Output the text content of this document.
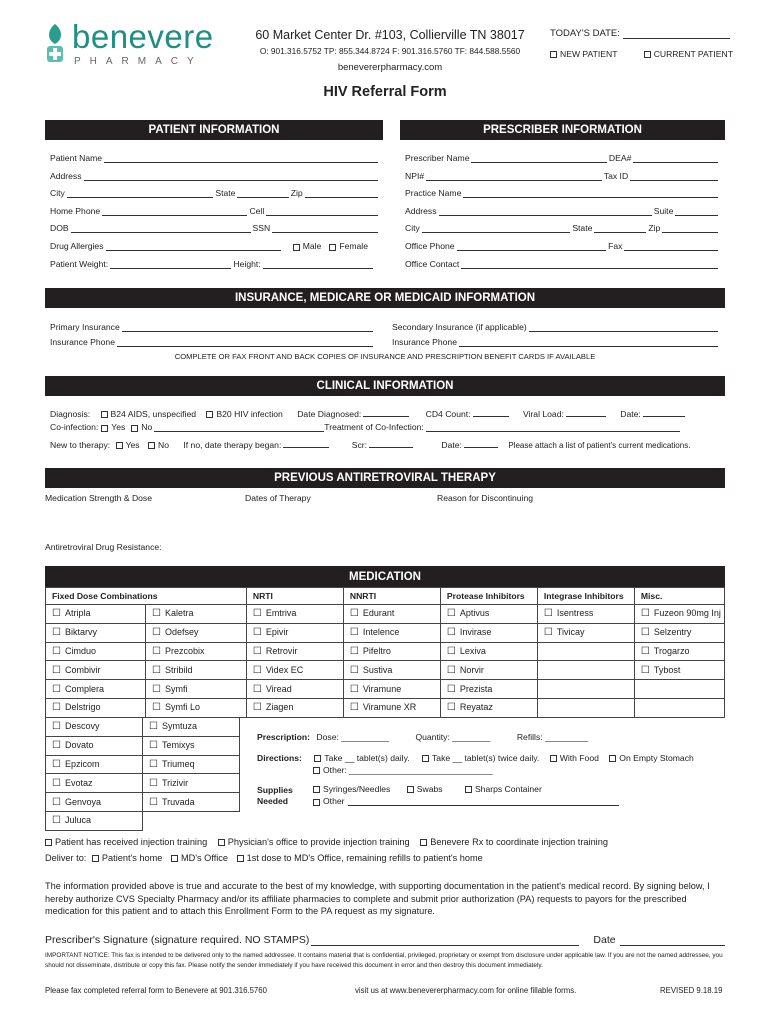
benevere
PHARMACY
60 Market Center Dr. #103, Collierville TN 38017
O: 901.316.5752 TP: 855.344.8724 F: 901.316.5760 TF: 844.588.5560
benevererpharmacy.com
TODAY'S DATE:
NEW PATIENT	CURRENT PATIENT
HIV Referral Form
PATIENT INFORMATION	PRESCRIBER INFORMATION
Patient Name
Address
City	State	Zip
Home Phone	Cell
DOB	SSN
Drug Allergies	Male Female
Patient Weight:	Height:
Prescriber Name	DEA#
NPI#	Tax ID
Practice Name
Address	Suite
City	State	Zip
Office Phone	Fax
Office Contact
INSURANCE, MEDICARE OR MEDICAID INFORMATION
Primary Insurance
Insurance Phone
Secondary Insurance (if applicable)
Insurance Phone
COMPLETE OR FAX FRONT AND BACK COPIES OF INSURANCE AND PRESCRIPTION BENEFIT CARDS IF AVAILABLE
CLINICAL INFORMATION
Diagnosis: B24 AIDS, unspecified B20 HIV infection Date Diagnosed:	CD4 Count:	Viral Load:	Date:
Co-infection: Yes No	Treatment of Co-Infection:
New to therapy: Yes No If no, date therapy began:	Scr:	Date:	Please attach a list of patient's current medications.
PREVIOUS ANTIRETROVIRAL THERAPY
Medication Strength & Dose	Dates of Therapy	Reason for Discontinuing

Antiretroviral Drug Resistance:		
MEDICATION
Fixed Dose Combinations		NRTI	NNRTI	Protease Inhibitors	Integrase Inhibitors	Misc.
☐ Atripla	☐ Kaletra	☐ Emtriva	☐ Edurant	☐ Aptivus	☐ Isentress	☐ Fuzeon 90mg Inj
☐ Biktarvy	☐ Odefsey	☐ Epivir	☐ Intelence	☐ Invirase	☐ Tivicay	☐ Selzentry
☐ Cimduo	☐ Prezcobix	☐ Retrovir	☐ Pifeltro	☐ Lexiva		☐ Trogarzo
☐ Combivir	☐ Stribild	☐ Videx EC	☐ Sustiva	☐ Norvir		☐ Tybost
☐ Complera	☐ Symfi	☐ Viread	☐ Viramune	☐ Prezista		
☐ Delstrigo	☐ Symfi Lo	☐ Ziagen	☐ Viramune XR	☐ Reyataz		
☐ Descovy	☐ Symtuza
☐ Dovato	☐ Temixys
☐ Epzicom	☐ Triumeq
☐ Evotaz	☐ Trizivir
☐ Genvoya	☐ Truvada
☐ Juluca	
Prescription: Dose: __________	Quantity: ________	Refills: _________
Directions:	Take __ tablet(s) daily.	Take __ tablet(s) twice daily. With Food On Empty Stomach
Other: ______________________________
Supplies
Needed
Syringes/Needles	Swabs	Sharps Container
Other
Patient has received injection training Physician's office to provide injection training Benevere Rx to coordinate injection training
Deliver to: Patient's home MD's Office 1st dose to MD's Office, remaining refills to patient's home
The information provided above is true and accurate to the best of my knowledge, with supporting documentation in the patient's medical record. By signing below, I hereby authorize CVS Specialty Pharmacy and/or its affiliate pharmacies to complete and submit prior authorization (PA) requests to payors for the prescribed medication for this patient and to attach this Enrollment Form to the PA request as my signature.
Prescriber's Signature (signature required. NO STAMPS)	Date
IMPORTANT NOTICE: This fax is intended to be delivered only to the named addressee. It contains material that is confidential, privileged, proprietary or exempt from disclosure under applicable law. If you are not the named addressee, you should not disseminate, distribute or copy this fax. Please notify the sender immediately if you have received this document in error and then destroy this document immediately.
Please fax completed referral form to Benevere at 901.316.5760	visit us at www.benevererpharmacy.com for online fillable forms.	REVISED 9.18.19
